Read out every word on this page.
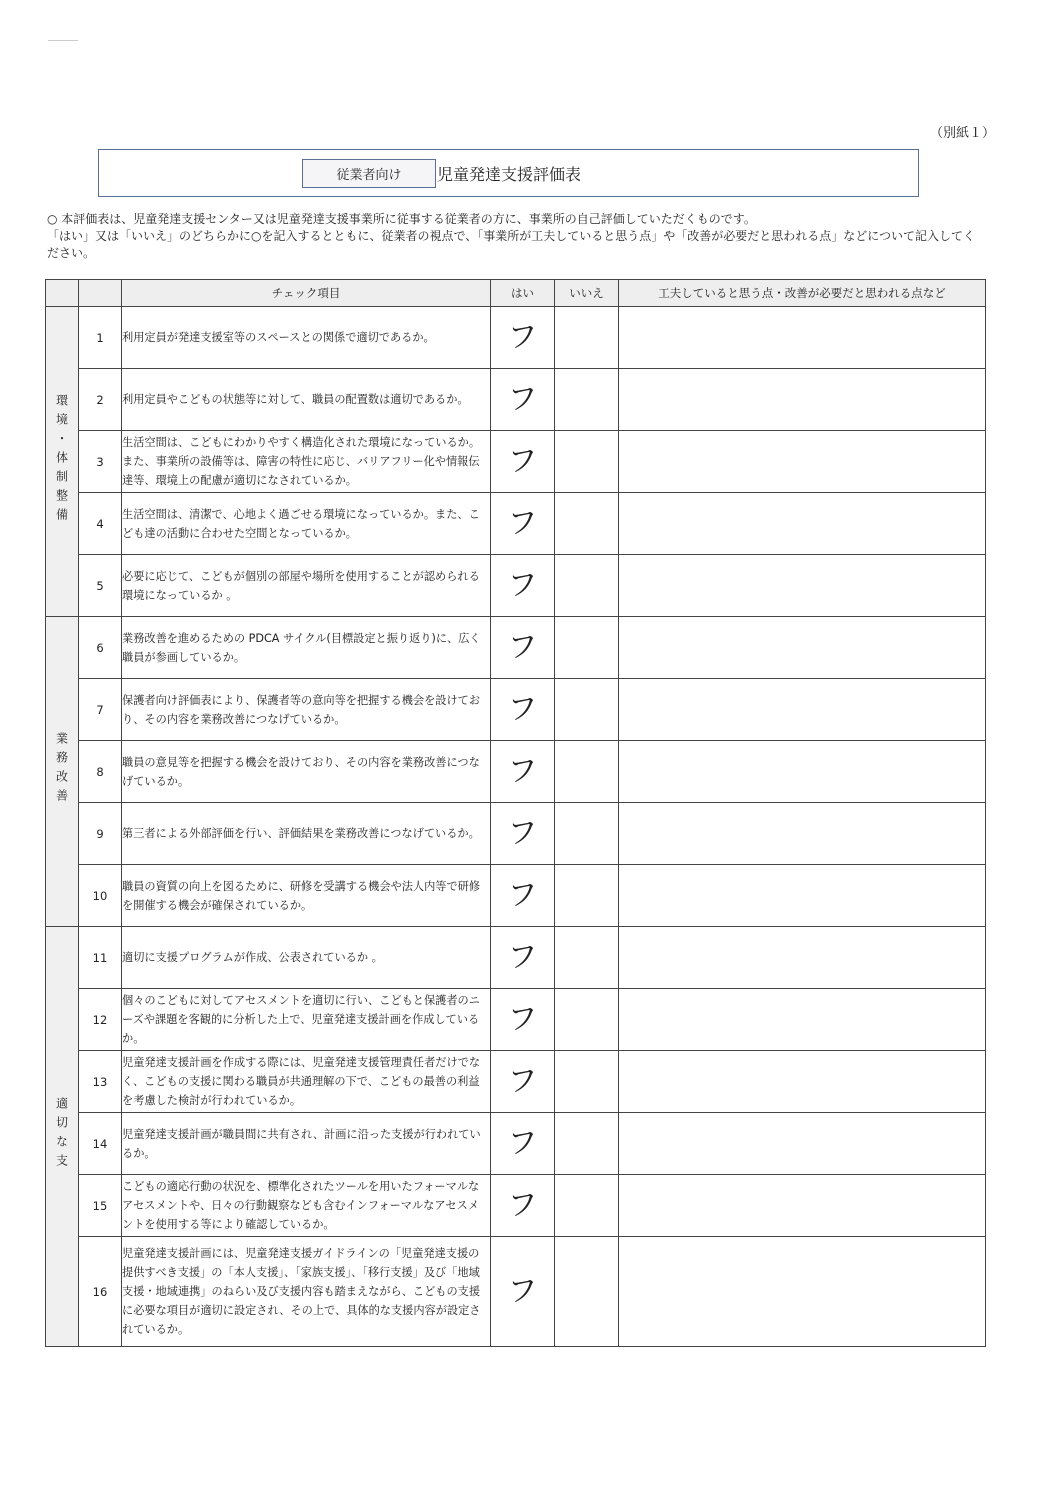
（別紙１）
従業者向け	児童発達支援評価表

○ 本評価表は、児童発達支援センター又は児童発達支援事業所に従事する従業者の方に、事業所の自己評価していただくものです。

「はい」又は「いいえ」のどちらかに○を記入するとともに、従業者の視点で、「事業所が工夫していると思う点」や「改善が必要だと思われる点」などについて記入してください。

		チェック項目	はい	いいえ	工夫していると思う点・改善が必要だと思われる点など
環境・体制整備	1	利用定員が発達支援室等のスペースとの関係で適切であるか。	フ		
	2	利用定員やこどもの状態等に対して、職員の配置数は適切であるか。	フ		
	3	生活空間は、こどもにわかりやすく構造化された環境になっているか。また、事業所の設備等は、障害の特性に応じ、バリアフリー化や情報伝達等、環境上の配慮が適切になされているか。	フ		
	4	生活空間は、清潔で、心地よく過ごせる環境になっているか。また、こども達の活動に合わせた空間となっているか。	フ		
	5	必要に応じて、こどもが個別の部屋や場所を使用することが認められる環境になっているか 。	フ		
業務改善	6	業務改善を進めるための PDCA サイクル(目標設定と振り返り)に、広く職員が参画しているか。	フ		
	7	保護者向け評価表により、保護者等の意向等を把握する機会を設けており、その内容を業務改善につなげているか。	フ		
	8	職員の意見等を把握する機会を設けており、その内容を業務改善につなげているか。	フ		
	9	第三者による外部評価を行い、評価結果を業務改善につなげているか。	フ		
	10	職員の資質の向上を図るために、研修を受講する機会や法人内等で研修を開催する機会が確保されているか。	フ		
適切な支	11	適切に支援プログラムが作成、公表されているか 。	フ		
	12	個々のこどもに対してアセスメントを適切に行い、こどもと保護者のニーズや課題を客観的に分析した上で、児童発達支援計画を作成しているか。	フ		
	13	児童発達支援計画を作成する際には、児童発達支援管理責任者だけでなく、こどもの支援に関わる職員が共通理解の下で、こどもの最善の利益を考慮した検討が行われているか。	フ		
	14	児童発達支援計画が職員間に共有され、計画に沿った支援が行われているか。	フ		
	15	こどもの適応行動の状況を、標準化されたツールを用いたフォーマルなアセスメントや、日々の行動観察なども含むインフォーマルなアセスメントを使用する等により確認しているか。	フ		
	16	児童発達支援計画には、児童発達支援ガイドラインの「児童発達支援の提供すべき支援」の「本人支援」、「家族支援」、「移行支援」及び「地域支援・地域連携」のねらい及び支援内容も踏まえながら、こどもの支援に必要な項目が適切に設定され、その上で、具体的な支援内容が設定されているか。	フ		
